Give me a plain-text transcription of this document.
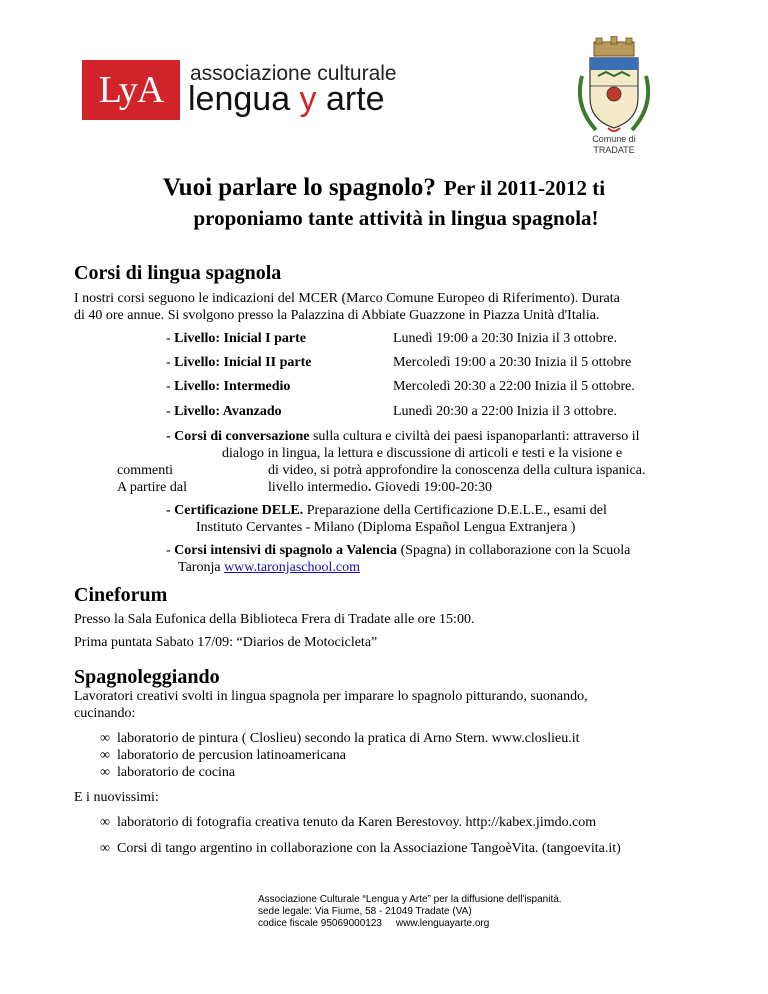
LyA	associazione culturale
lengua y arte
Comune di
TRADATE
Vuoi parlare lo spagnolo? Per il 2011-2012 ti
proponiamo tante attività in lingua spagnola!
Corsi di lingua spagnola
I nostri corsi seguono le indicazioni del MCER (Marco Comune Europeo di Riferimento). Durata
di 40 ore annue. Si svolgono presso la Palazzina di Abbiate Guazzone in Piazza Unità d'Italia.
- Livello: Inicial I parte	Lunedì 19:00 a 20:30 Inizia il 3 ottobre.
- Livello: Inicial II parte	Mercoledì 19:00 a 20:30 Inizia il 5 ottobre
- Livello: Intermedio	Mercoledì 20:30 a 22:00 Inizia il 5 ottobre.
- Livello: Avanzado	Lunedì 20:30 a 22:00 Inizia il 3 ottobre.
- Corsi di conversazione sulla cultura e civiltà dei paesi ispanoparlanti: attraverso il
dialogo in lingua, la lettura e discussione di articoli e testi e la visione e
commenti	di video, si potrà approfondire la conoscenza della cultura ispanica.
A partire dal	livello intermedio. Giovedi 19:00-20:30
- Certificazione DELE. Preparazione della Certificazione D.E.L.E., esami del
Instituto Cervantes - Milano (Diploma Español Lengua Extranjera )
- Corsi intensivi di spagnolo a Valencia (Spagna) in collaborazione con la Scuola
Taronja www.taronjaschool.com
Cineforum
Presso la Sala Eufonica della Biblioteca Frera di Tradate alle ore 15:00.
Prima puntata Sabato 17/09: “Diarios de Motocicleta”
Spagnoleggiando
Lavoratori creativi svolti in lingua spagnola per imparare lo spagnolo pitturando, suonando,
cucinando:
∞ laboratorio de pintura ( Closlieu) secondo la pratica di Arno Stern. www.closlieu.it
∞ laboratorio de percusion latinoamericana
∞ laboratorio de cocina
E i nuovissimi:
∞ laboratorio di fotografia creativa tenuto da Karen Berestovoy. http://kabex.jimdo.com
∞ Corsi di tango argentino in collaborazione con la Associazione TangoèVita. (tangoevita.it)
Associazione Culturale “Lengua y Arte” per la diffusione dell'ispanità.
sede legale: Via Fiume, 58 - 21049 Tradate (VA)
codice fiscale 95069000123 www.lenguayarte.org
